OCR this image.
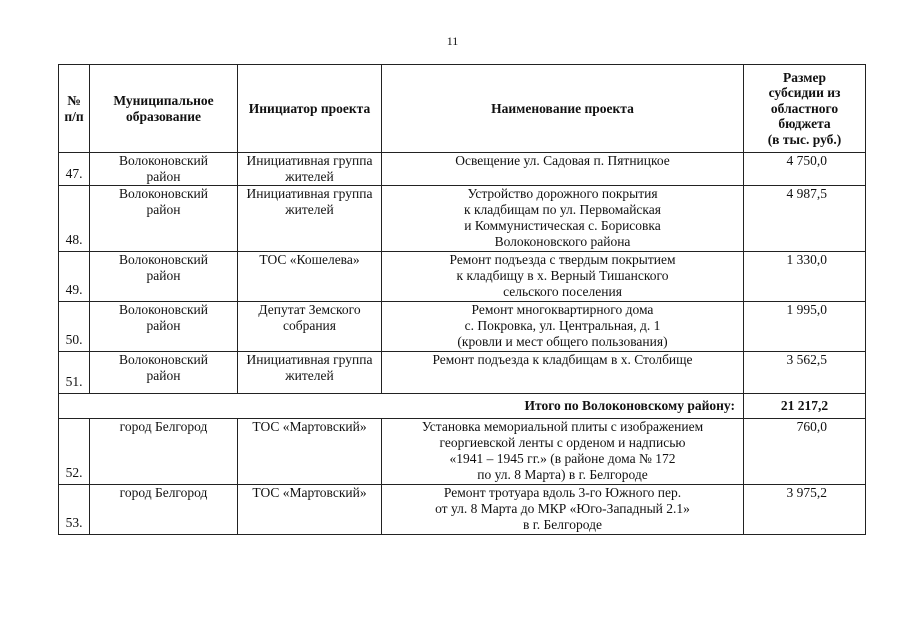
11
№
п/п	Муниципальное
образование	Инициатор проекта	Наименование проекта	Размер
субсидии из
областного
бюджета
(в тыс. руб.)

47.	Волоконовский
район	Инициативная группа
жителей	Освещение ул. Садовая п. Пятницкое	4 750,0
48.	Волоконовский
район	Инициативная группа
жителей	Устройство дорожного покрытия
к кладбищам по ул. Первомайская
и Коммунистическая с. Борисовка
Волоконовского района	4 987,5
49.	Волоконовский
район	ТОС «Кошелева»	Ремонт подъезда с твердым покрытием
к кладбищу в х. Верный Тишанского
сельского поселения	1 330,0
50.	Волоконовский
район	Депутат Земского
собрания	Ремонт многоквартирного дома
с. Покровка, ул. Центральная, д. 1
(кровли и мест общего пользования)	1 995,0
51.	Волоконовский
район	Инициативная группа
жителей	Ремонт подъезда к кладбищам в х. Столбище	3 562,5
Итого по Волоконовскому району:				21 217,2
52.	город Белгород	ТОС «Мартовский»	Установка мемориальной плиты с изображением
георгиевской ленты с орденом и надписью
«1941 – 1945 гг.» (в районе дома № 172
по ул. 8 Марта) в г. Белгороде	760,0
53.	город Белгород	ТОС «Мартовский»	Ремонт тротуара вдоль 3-го Южного пер.
от ул. 8 Марта до МКР «Юго-Западный 2.1»
в г. Белгороде	3 975,2
